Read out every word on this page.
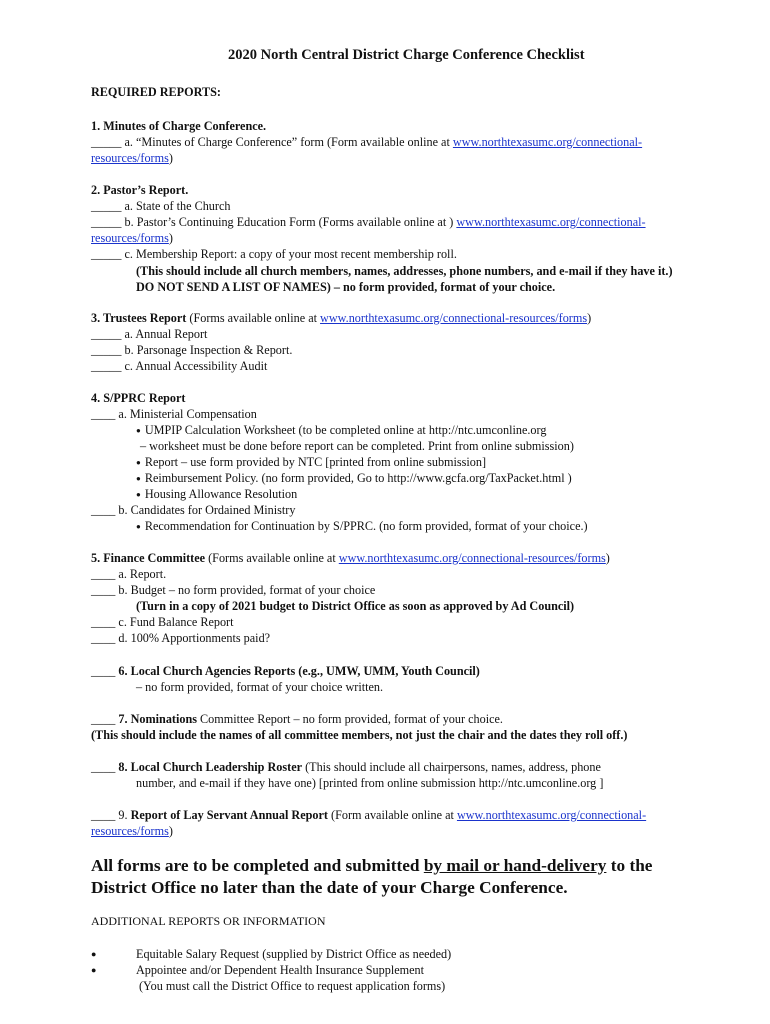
2020 North Central District Charge Conference Checklist
REQUIRED REPORTS:
1. Minutes of Charge Conference.
_____ a. “Minutes of Charge Conference” form (Form available online at www.northtexasumc.org/connectional-
resources/forms)
2. Pastor’s Report.
_____ a. State of the Church
_____ b. Pastor’s Continuing Education Form (Forms available online at ) www.northtexasumc.org/connectional-
resources/forms)
_____ c. Membership Report: a copy of your most recent membership roll.
(This should include all church members, names, addresses, phone numbers, and e-mail if they have it.)
DO NOT SEND A LIST OF NAMES) – no form provided, format of your choice.
3. Trustees Report (Forms available online at www.northtexasumc.org/connectional-resources/forms)
_____ a. Annual Report
_____ b. Parsonage Inspection & Report.
_____ c. Annual Accessibility Audit
4. S/PPRC Report
____ a. Ministerial Compensation
● UMPIP Calculation Worksheet (to be completed online at http://ntc.umconline.org
– worksheet must be done before report can be completed. Print from online submission)
● Report – use form provided by NTC [printed from online submission]
● Reimbursement Policy. (no form provided, Go to http://www.gcfa.org/TaxPacket.html )
● Housing Allowance Resolution
____ b. Candidates for Ordained Ministry
● Recommendation for Continuation by S/PPRC. (no form provided, format of your choice.)
5. Finance Committee (Forms available online at www.northtexasumc.org/connectional-resources/forms)
____ a. Report.
____ b. Budget – no form provided, format of your choice
(Turn in a copy of 2021 budget to District Office as soon as approved by Ad Council)
____ c. Fund Balance Report
____ d. 100% Apportionments paid?
____ 6. Local Church Agencies Reports (e.g., UMW, UMM, Youth Council)
– no form provided, format of your choice written.
____ 7. Nominations Committee Report – no form provided, format of your choice.
(This should include the names of all committee members, not just the chair and the dates they roll off.)
____ 8. Local Church Leadership Roster (This should include all chairpersons, names, address, phone
number, and e-mail if they have one) [printed from online submission http://ntc.umconline.org ]
____ 9. Report of Lay Servant Annual Report (Form available online at www.northtexasumc.org/connectional-
resources/forms)
All forms are to be completed and submitted by mail or hand-delivery to the
District Office no later than the date of your Charge Conference.
ADDITIONAL REPORTS OR INFORMATION
●	Equitable Salary Request (supplied by District Office as needed)
●	Appointee and/or Dependent Health Insurance Supplement
(You must call the District Office to request application forms)
